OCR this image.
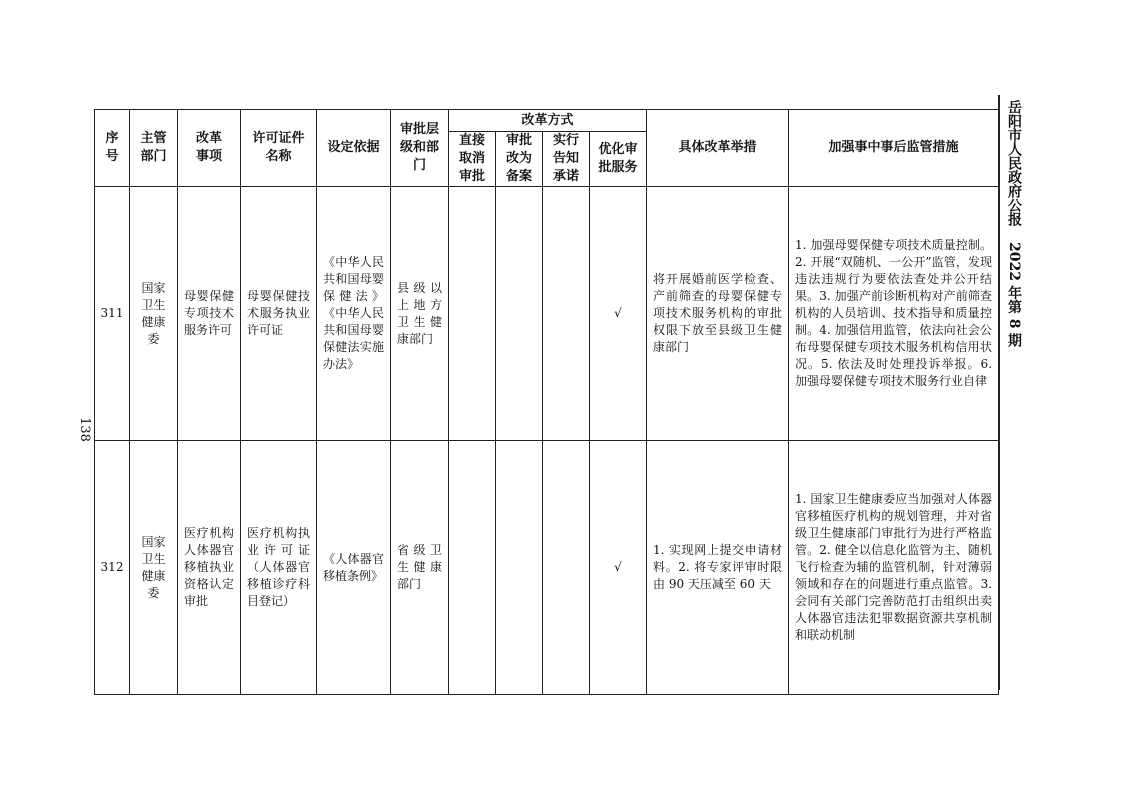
138
岳阳市人民政府公报2022 年第 8 期
序号	主管部门	改革事项	许可证件名称	设定依据	审批层级和部门	改革方式				具体改革举措	加强事中事后监管措施
						直接取消审批	审批改为备案	实行告知承诺	优化审批服务		
311	国家卫生健康委	母婴保健专项技术服务许可	母婴保健技术服务执业许可证	《中华人民共和国母婴保健法》《中华人民共和国母婴保健法实施办法》	县级以上地方卫生健康部门				√	将开展婚前医学检查、产前筛查的母婴保健专项技术服务机构的审批权限下放至县级卫生健康部门	1. 加强母婴保健专项技术质量控制。2. 开展“双随机、一公开”监管，发现违法违规行为要依法查处并公开结果。3. 加强产前诊断机构对产前筛查机构的人员培训、技术指导和质量控制。4. 加强信用监管，依法向社会公布母婴保健专项技术服务机构信用状况。5. 依法及时处理投诉举报。6. 加强母婴保健专项技术服务行业自律
312	国家卫生健康委	医疗机构人体器官移植执业资格认定审批	医疗机构执业许可证（人体器官移植诊疗科目登记）	《人体器官移植条例》	省级卫生健康部门				√	1. 实现网上提交申请材料。2. 将专家评审时限由 90 天压减至 60 天	1. 国家卫生健康委应当加强对人体器官移植医疗机构的规划管理，并对省级卫生健康部门审批行为进行严格监管。2. 健全以信息化监管为主、随机飞行检查为辅的监管机制，针对薄弱领域和存在的问题进行重点监管。3. 会同有关部门完善防范打击组织出卖人体器官违法犯罪数据资源共享机制和联动机制
